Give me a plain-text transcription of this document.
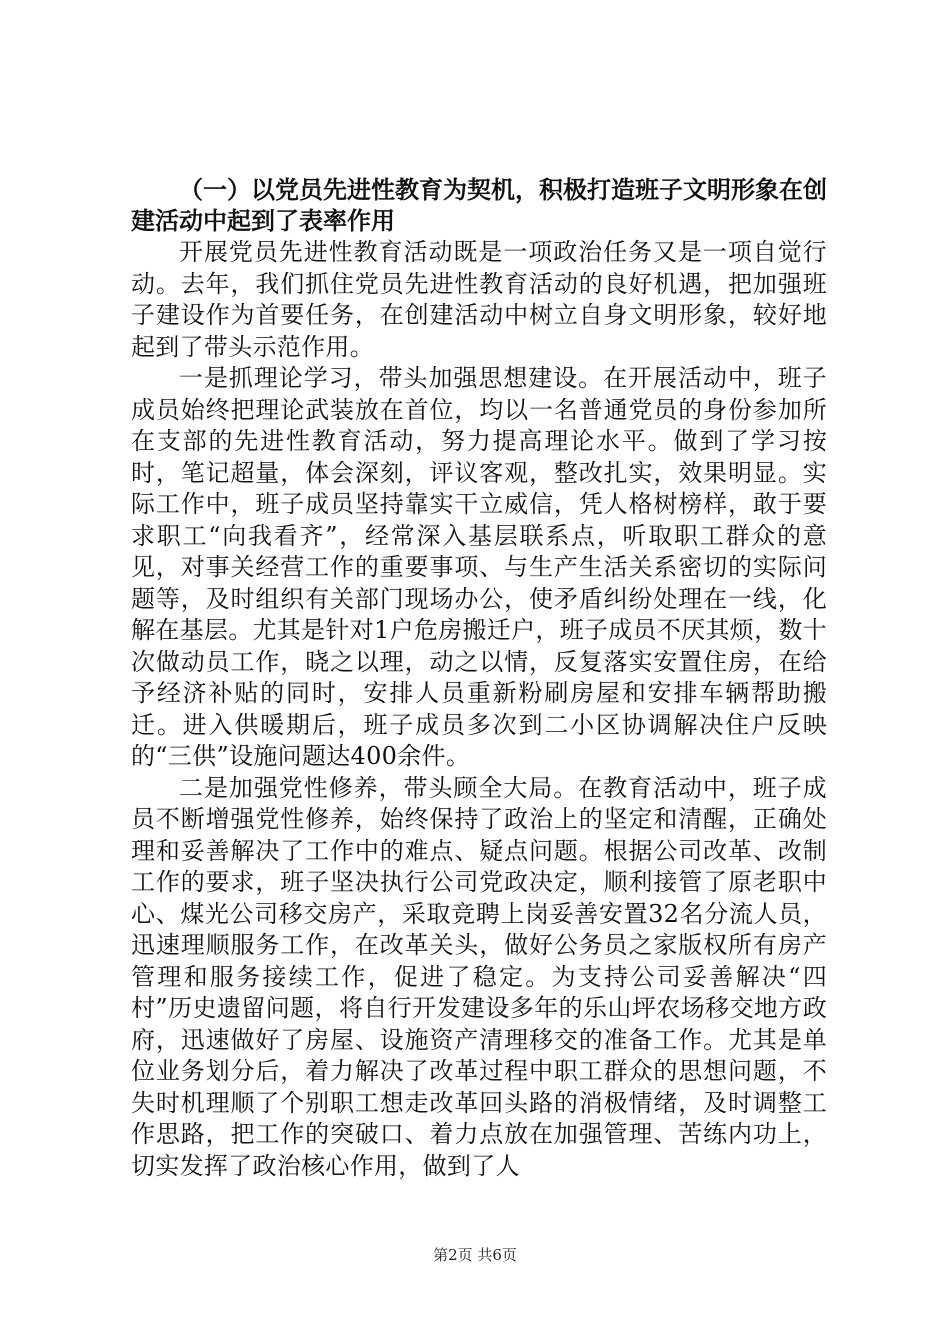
（一）以党员先进性教育为契机，积极打造班子文明形象在创建活动中起到了表率作用

开展党员先进性教育活动既是一项政治任务又是一项自觉行动。去年，我们抓住党员先进性教育活动的良好机遇，把加强班子建设作为首要任务，在创建活动中树立自身文明形象，较好地起到了带头示范作用。

一是抓理论学习，带头加强思想建设。在开展活动中，班子成员始终把理论武装放在首位，均以一名普通党员的身份参加所在支部的先进性教育活动，努力提高理论水平。做到了学习按时，笔记超量，体会深刻，评议客观，整改扎实，效果明显。实际工作中，班子成员坚持靠实干立威信，凭人格树榜样，敢于要求职工“向我看齐”，经常深入基层联系点，听取职工群众的意见，对事关经营工作的重要事项、与生产生活关系密切的实际问题等，及时组织有关部门现场办公，使矛盾纠纷处理在一线，化解在基层。尤其是针对1户危房搬迁户，班子成员不厌其烦，数十次做动员工作，晓之以理，动之以情，反复落实安置住房，在给予经济补贴的同时，安排人员重新粉刷房屋和安排车辆帮助搬迁。进入供暖期后，班子成员多次到二小区协调解决住户反映的“三供”设施问题达400余件。

二是加强党性修养，带头顾全大局。在教育活动中，班子成员不断增强党性修养，始终保持了政治上的坚定和清醒，正确处理和妥善解决了工作中的难点、疑点问题。根据公司改革、改制工作的要求，班子坚决执行公司党政决定，顺利接管了原老职中心、煤光公司移交房产，采取竞聘上岗妥善安置32名分流人员，迅速理顺服务工作，在改革关头，做好公务员之家版权所有房产管理和服务接续工作，促进了稳定。为支持公司妥善解决“四村”历史遗留问题，将自行开发建设多年的乐山坪农场移交地方政府，迅速做好了房屋、设施资产清理移交的准备工作。尤其是单位业务划分后，着力解决了改革过程中职工群众的思想问题，不失时机理顺了个别职工想走改革回头路的消极情绪，及时调整工作思路，把工作的突破口、着力点放在加强管理、苦练内功上，切实发挥了政治核心作用，做到了人

第2页 共6页
